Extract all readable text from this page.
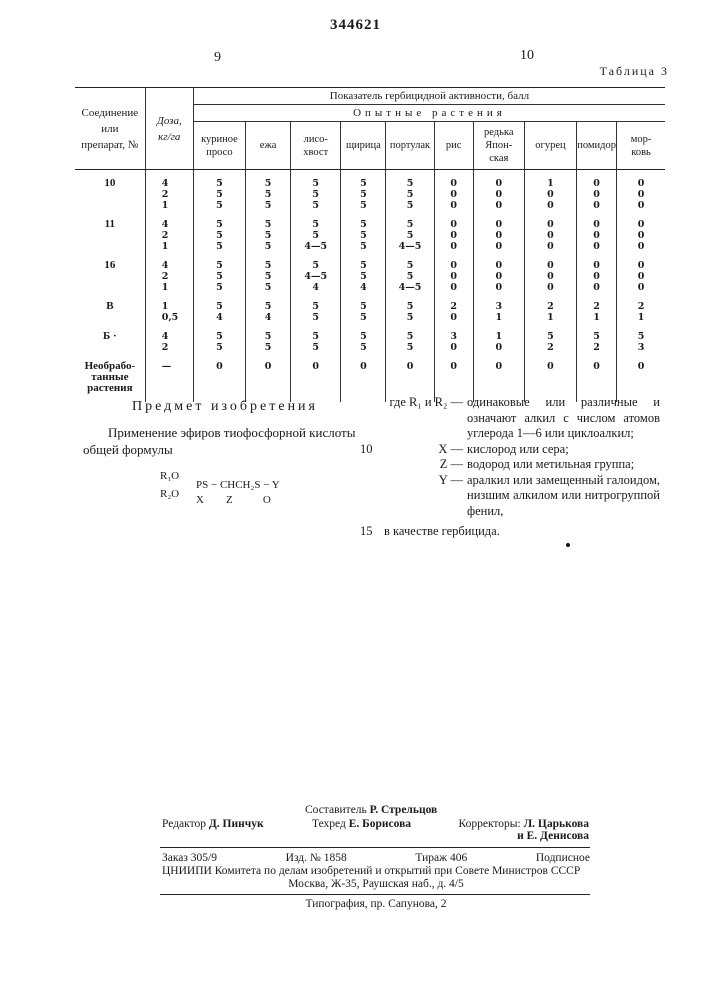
344621
9	10
Таблица 3
Соединение
или
препарат, №	Доза,
кг/га	Показатель гербицидной активности, балл
Опытные растения
куриное
просо	ежа	лисо-
хвост	щирица	портулак	рис	редька
Япон-
ская	огурец	помидор	мор-
ковь
10	4
2
1	5
5
5	5
5
5	5
5
5	5
5
5	5
5
5	0
0
0	0
0
0	1
0
0	0
0
0	0
0
0
11	4
2
1	5
5
5	5
5
5	5
5
4—5	5
5
5	5
5
4—5	0
0
0	0
0
0	0
0
0	0
0
0	0
0
0
16	4
2
1	5
5
5	5
5
5	5
4—5
4	5
5
4	5
5
4—5	0
0
0	0
0
0	0
0
0	0
0
0	0
0
0
В	1
0,5	5
4	5
4	5
5	5
5	5
5	2
0	3
1	2
1	2
1	2
1
Б ·	4
2	5
5	5
5	5
5	5
5	5
5	3
0	1
0	5
2	5
2	5
3
Необрабо-
танные
растения	—	0	0	0	0	0	0	0	0	0	0
Предмет изобретения
Применение эфиров тиофосфорной кислоты общей формулы
R₁O
R₂O
PS − CHCH₂S − Y
X        Z           O
где R₁ и R₂ — одинаковые или различные и означают алкил с числом атомов углерода 1—6 или циклоалкил;
10	X — кислород или сера;
Z — водород или метильная группа;
Y — аралкил или замещенный галоидом, низшим алкилом или нитрогруппой фенил,
15 в качестве гербицида.
Составитель Р. Стрельцов
Редактор Д. Пинчук	Техред Е. Борисова	Корректоры: Л. Царькова
и Е. Денисова
Заказ 305/9	Изд. № 1858	Тираж 406	Подписное
ЦНИИПИ Комитета по делам изобретений и открытий при Совете Министров СССР
Москва, Ж-35, Раушская наб., д. 4/5
Типография, пр. Сапунова, 2
